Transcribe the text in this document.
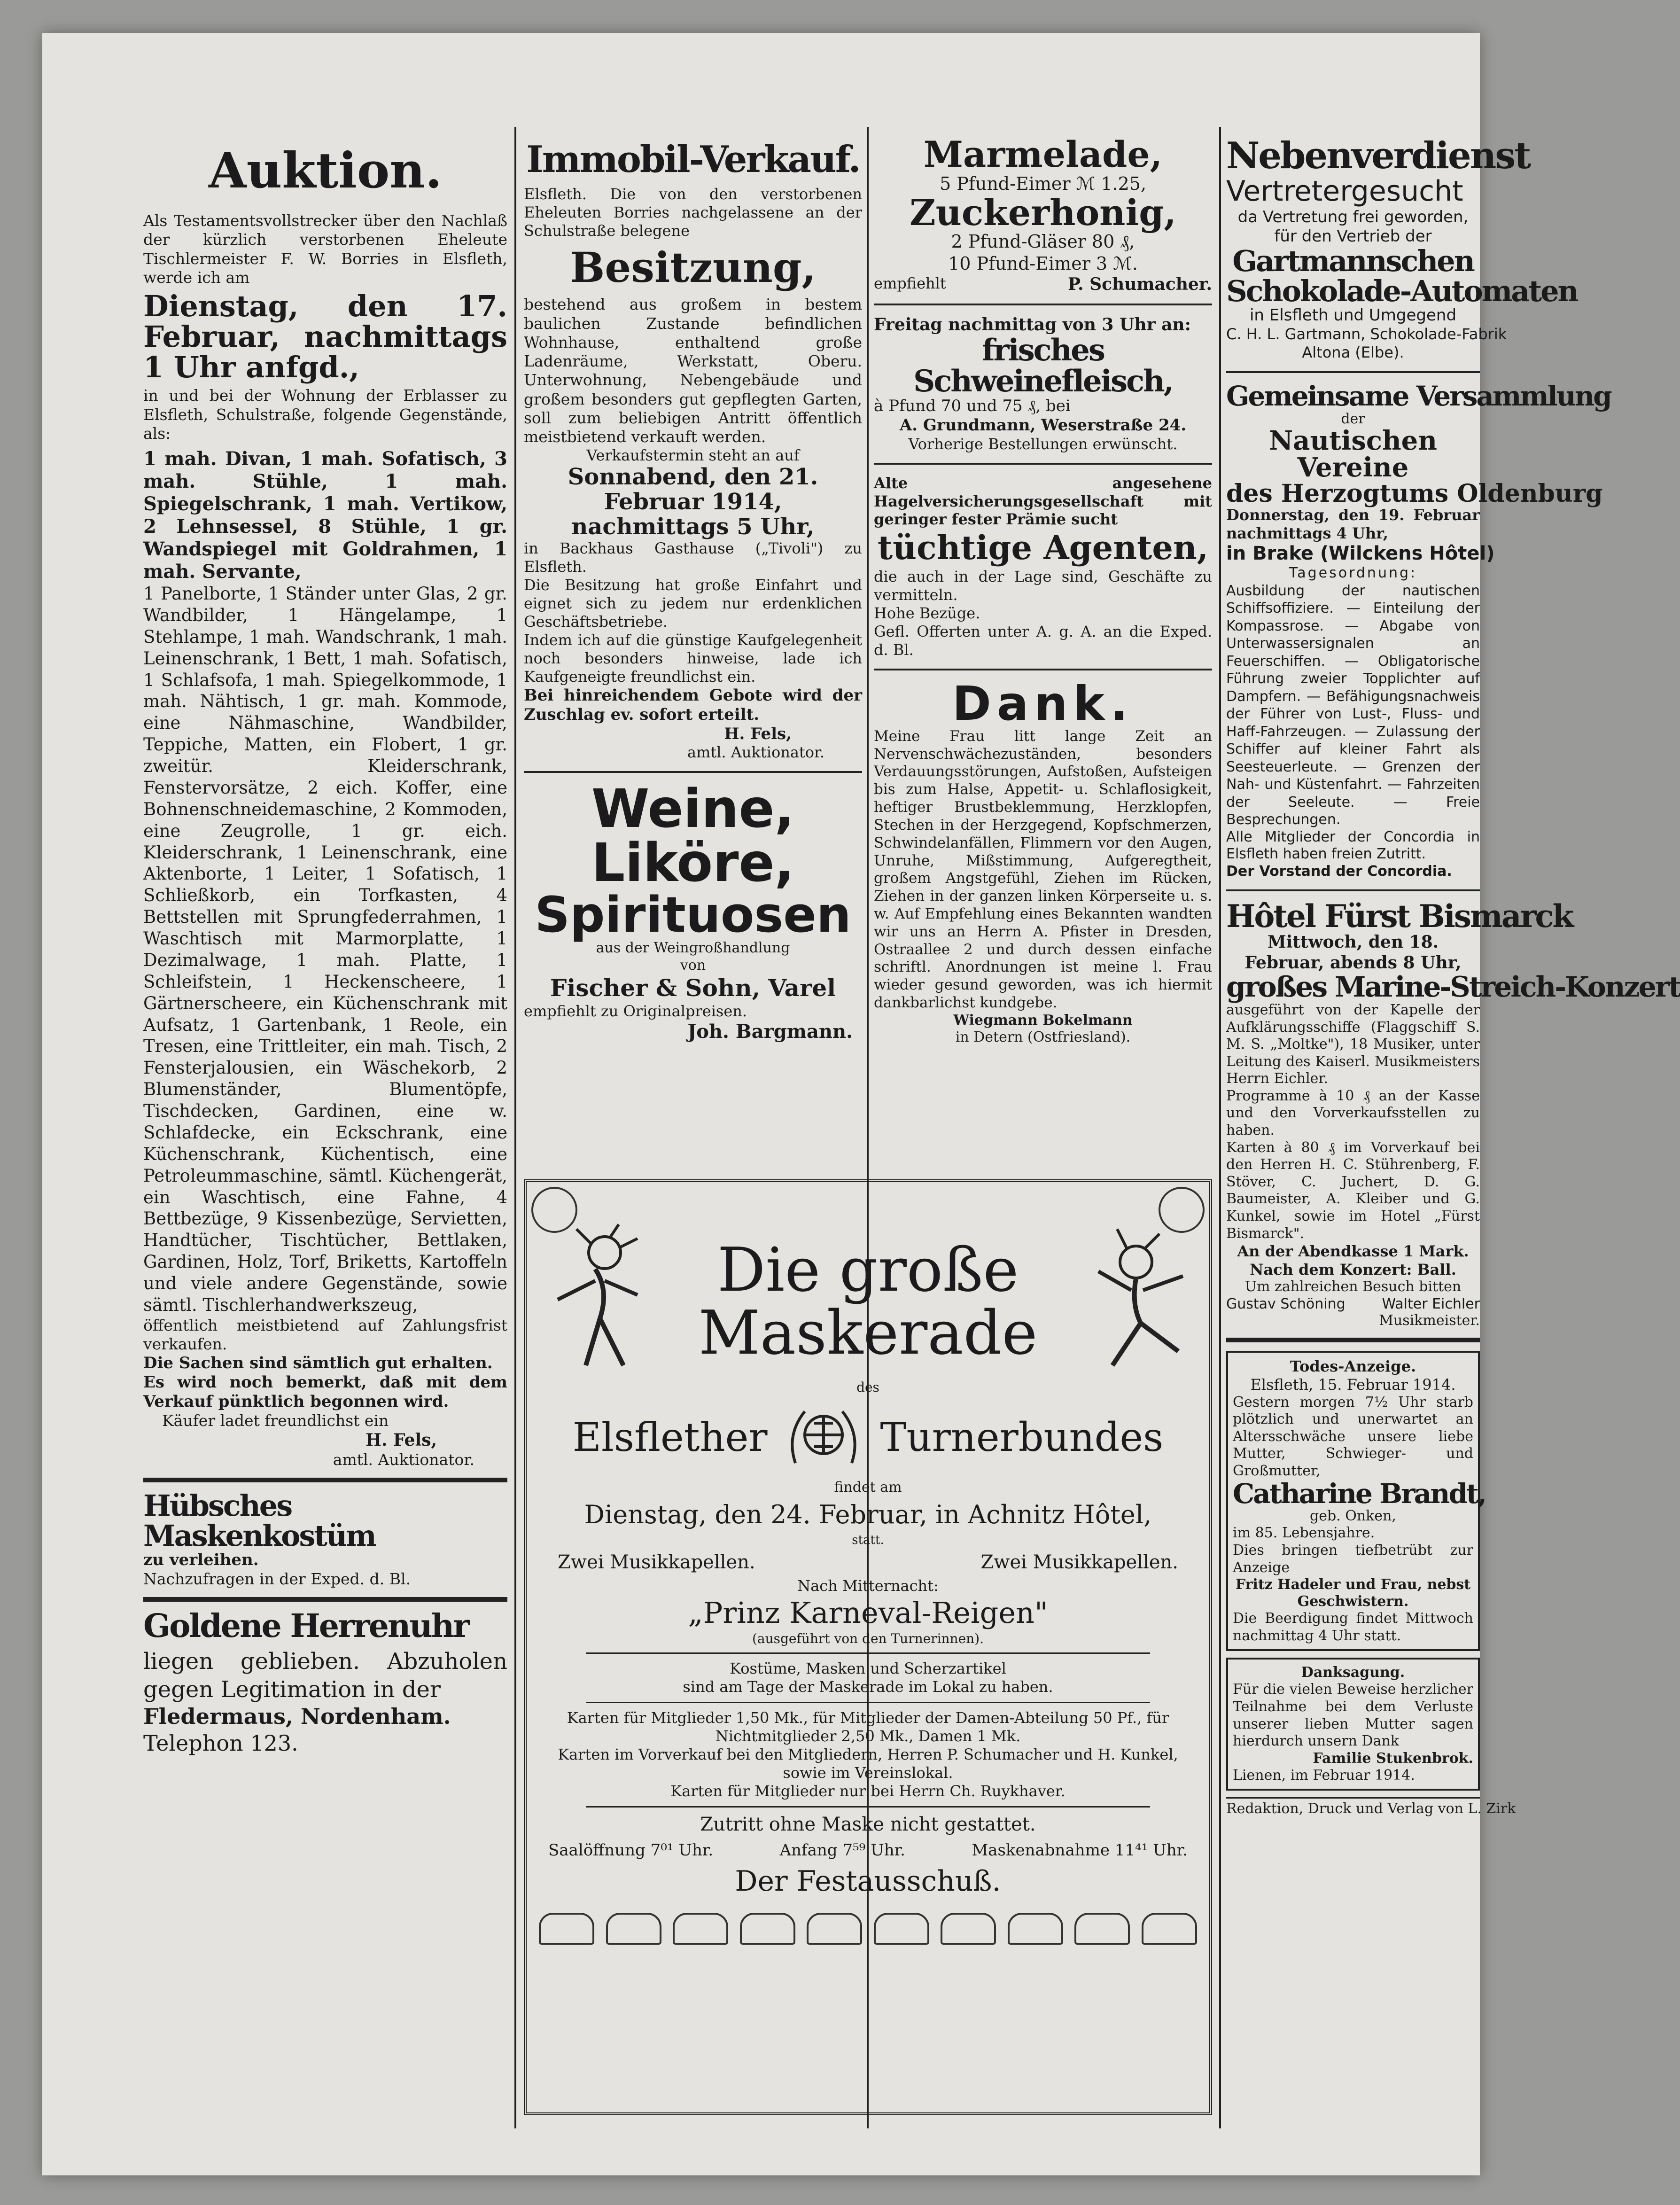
Auktion.

Als Testamentsvollstrecker über den Nachlaß der kürzlich verstorbenen Eheleute Tischlermeister F. W. Borries in Elsfleth, werde ich am

Dienstag, den 17. Februar, nachmittags 1 Uhr anfgd.,

in und bei der Wohnung der Erblasser zu Elsfleth, Schulstraße, folgende Gegenstände, als:

1 mah. Divan, 1 mah. Sofatisch, 3 mah. Stühle, 1 mah. Spiegelschrank, 1 mah. Vertikow, 2 Lehnsessel, 8 Stühle, 1 gr. Wandspiegel mit Goldrahmen, 1 mah. Servante,

1 Panelborte, 1 Ständer unter Glas, 2 gr. Wandbilder, 1 Hängelampe, 1 Stehlampe, 1 mah. Wandschrank, 1 mah. Leinenschrank, 1 Bett, 1 mah. Sofatisch, 1 Schlafsofa, 1 mah. Spiegelkommode, 1 mah. Nähtisch, 1 gr. mah. Kommode, eine Nähmaschine, Wandbilder, Teppiche, Matten, ein Flobert, 1 gr. zweitür. Kleiderschrank, Fenstervorsätze, 2 eich. Koffer, eine Bohnenschneidemaschine, 2 Kommoden, eine Zeugrolle, 1 gr. eich. Kleiderschrank, 1 Leinenschrank, eine Aktenborte, 1 Leiter, 1 Sofatisch, 1 Schließkorb, ein Torfkasten, 4 Bettstellen mit Sprungfederrahmen, 1 Waschtisch mit Marmorplatte, 1 Dezimalwage, 1 mah. Platte, 1 Schleifstein, 1 Heckenscheere, 1 Gärtnerscheere, ein Küchenschrank mit Aufsatz, 1 Gartenbank, 1 Reole, ein Tresen, eine Trittleiter, ein mah. Tisch, 2 Fensterjalousien, ein Wäschekorb, 2 Blumenständer, Blumentöpfe, Tischdecken, Gardinen, eine w. Schlafdecke, ein Eckschrank, eine Küchenschrank, Küchentisch, eine Petroleummaschine, sämtl. Küchengerät, ein Waschtisch, eine Fahne, 4 Bettbezüge, 9 Kissenbezüge, Servietten, Handtücher, Tischtücher, Bettlaken, Gardinen, Holz, Torf, Briketts, Kartoffeln und viele andere Gegenstände, sowie sämtl. Tischlerhandwerkszeug,

öffentlich meistbietend auf Zahlungsfrist verkaufen.

Die Sachen sind sämtlich gut erhalten.

Es wird noch bemerkt, daß mit dem Verkauf pünktlich begonnen wird.

Käufer ladet freundlichst ein

H. Fels,

amtl. Auktionator.

Hübsches Maskenkostüm

zu verleihen.

Nachzufragen in der Exped. d. Bl.

Goldene Herrenuhr

liegen geblieben. Abzuholen gegen Legitimation in der

Fledermaus, Nordenham.

Telephon 123.

Immobil-Verkauf.

Elsfleth. Die von den verstorbenen Eheleuten Borries nachgelassene an der Schulstraße belegene

Besitzung,

bestehend aus großem in bestem baulichen Zustande befindlichen Wohnhause, enthaltend große Ladenräume, Werkstatt, Oberu. Unterwohnung, Nebengebäude und großem besonders gut gepflegten Garten, soll zum beliebigen Antritt öffentlich meistbietend verkauft werden.

Verkaufstermin steht an auf

Sonnabend, den 21. Februar 1914, nachmittags 5 Uhr,

in Backhaus Gasthause („Tivoli") zu Elsfleth.

Die Besitzung hat große Einfahrt und eignet sich zu jedem nur erdenklichen Geschäftsbetriebe.

Indem ich auf die günstige Kaufgelegenheit noch besonders hinweise, lade ich Kaufgeneigte freundlichst ein.

Bei hinreichendem Gebote wird der Zuschlag ev. sofort erteilt.

H. Fels,

amtl. Auktionator.

Weine,
Liköre,
Spirituosen

aus der Weingroßhandlung

von

Fischer & Sohn, Varel

empfiehlt zu Originalpreisen.

Joh. Bargmann.

Marmelade,

5 Pfund-Eimer ℳ 1.25,

Zuckerhonig,

2 Pfund-Gläser 80 ₰,

10 Pfund-Eimer 3 ℳ.

empfiehlt	P. Schumacher.

Freitag nachmittag von 3 Uhr an:

frisches Schweinefleisch,

à Pfund 70 und 75 ₰, bei

A. Grundmann, Weserstraße 24.

Vorherige Bestellungen erwünscht.

Alte angesehene Hagelversicherungsgesellschaft mit geringer fester Prämie sucht

tüchtige Agenten,

die auch in der Lage sind, Geschäfte zu vermitteln.

Hohe Bezüge.

Gefl. Offerten unter A. g. A. an die Exped. d. Bl.

Dank.

Meine Frau litt lange Zeit an Nervenschwächezuständen, besonders Verdauungsstörungen, Aufstoßen, Aufsteigen bis zum Halse, Appetit- u. Schlaflosigkeit, heftiger Brustbeklemmung, Herzklopfen, Stechen in der Herzgegend, Kopfschmerzen, Schwindelanfällen, Flimmern vor den Augen, Unruhe, Mißstimmung, Aufgeregtheit, großem Angstgefühl, Ziehen im Rücken, Ziehen in der ganzen linken Körperseite u. s. w. Auf Empfehlung eines Bekannten wandten wir uns an Herrn A. Pfister in Dresden, Ostraallee 2 und durch dessen einfache schriftl. Anordnungen ist meine l. Frau wieder gesund geworden, was ich hiermit dankbarlichst kundgebe.

Wiegmann Bokelmann

in Detern (Ostfriesland).

Die große
Maskerade

des

Elsflether	Turnerbundes

findet am

Dienstag, den 24. Februar, in Achnitz Hôtel,

statt.

Zwei Musikkapellen.	Zwei Musikkapellen.

Nach Mitternacht:

„Prinz Karneval-Reigen"

(ausgeführt von den Turnerinnen).

Kostüme, Masken und Scherzartikel

sind am Tage der Maskerade im Lokal zu haben.

Karten für Mitglieder 1,50 Mk., für Mitglieder der Damen-Abteilung 50 Pf., für Nichtmitglieder 2,50 Mk., Damen 1 Mk.

Karten im Vorverkauf bei den Mitgliedern, Herren P. Schumacher und H. Kunkel, sowie im Vereinslokal.

Karten für Mitglieder nur bei Herrn Ch. Ruykhaver.

Zutritt ohne Maske nicht gestattet.

Saalöffnung 7⁰¹ Uhr.	Anfang 7⁵⁹ Uhr.	Maskenabnahme 11⁴¹ Uhr.

Der Festausschuß.

Nebenverdienst
Vertretergesucht

da Vertretung frei geworden,

für den Vertrieb der

Gartmannschen
Schokolade-Automaten

in Elsfleth und Umgegend

C. H. L. Gartmann, Schokolade-Fabrik

Altona (Elbe).

Gemeinsame Versammlung

der

Nautischen Vereine
des Herzogtums Oldenburg

Donnerstag, den 19. Februar nachmittags 4 Uhr,

in Brake (Wilckens Hôtel)

Tagesordnung:

Ausbildung der nautischen Schiffsoffiziere. — Einteilung der Kompassrose. — Abgabe von Unterwassersignalen an Feuerschiffen. — Obligatorische Führung zweier Topplichter auf Dampfern. — Befähigungsnachweis der Führer von Lust-, Fluss- und Haff-Fahrzeugen. — Zulassung der Schiffer auf kleiner Fahrt als Seesteuerleute. — Grenzen der Nah- und Küstenfahrt. — Fahrzeiten der Seeleute. — Freie Besprechungen.

Alle Mitglieder der Concordia in Elsfleth haben freien Zutritt.

Der Vorstand der Concordia.

Hôtel Fürst Bismarck

Mittwoch, den 18. Februar, abends 8 Uhr,

großes Marine-Streich-Konzert

ausgeführt von der Kapelle der Aufklärungsschiffe (Flaggschiff S. M. S. „Moltke"), 18 Musiker, unter Leitung des Kaiserl. Musikmeisters Herrn Eichler.

Programme à 10 ₰ an der Kasse und den Vorverkaufsstellen zu haben.

Karten à 80 ₰ im Vorverkauf bei den Herren H. C. Stührenberg, F. Stöver, C. Juchert, D. G. Baumeister, A. Kleiber und G. Kunkel, sowie im Hotel „Fürst Bismarck".

An der Abendkasse 1 Mark.

Nach dem Konzert: Ball.

Um zahlreichen Besuch bitten

Gustav Schöning	Walter Eichler

Musikmeister.

Todes-Anzeige.

Elsfleth, 15. Februar 1914.

Gestern morgen 7½ Uhr starb plötzlich und unerwartet an Altersschwäche unsere liebe Mutter, Schwieger- und Großmutter,

Catharine Brandt,

geb. Onken,

im 85. Lebensjahre.

Dies bringen tiefbetrübt zur Anzeige

Fritz Hadeler und Frau, nebst Geschwistern.

Die Beerdigung findet Mittwoch nachmittag 4 Uhr statt.

Danksagung.

Für die vielen Beweise herzlicher Teilnahme bei dem Verluste unserer lieben Mutter sagen hierdurch unsern Dank

Familie Stukenbrok.

Lienen, im Februar 1914.

Redaktion, Druck und Verlag von L. Zirk
